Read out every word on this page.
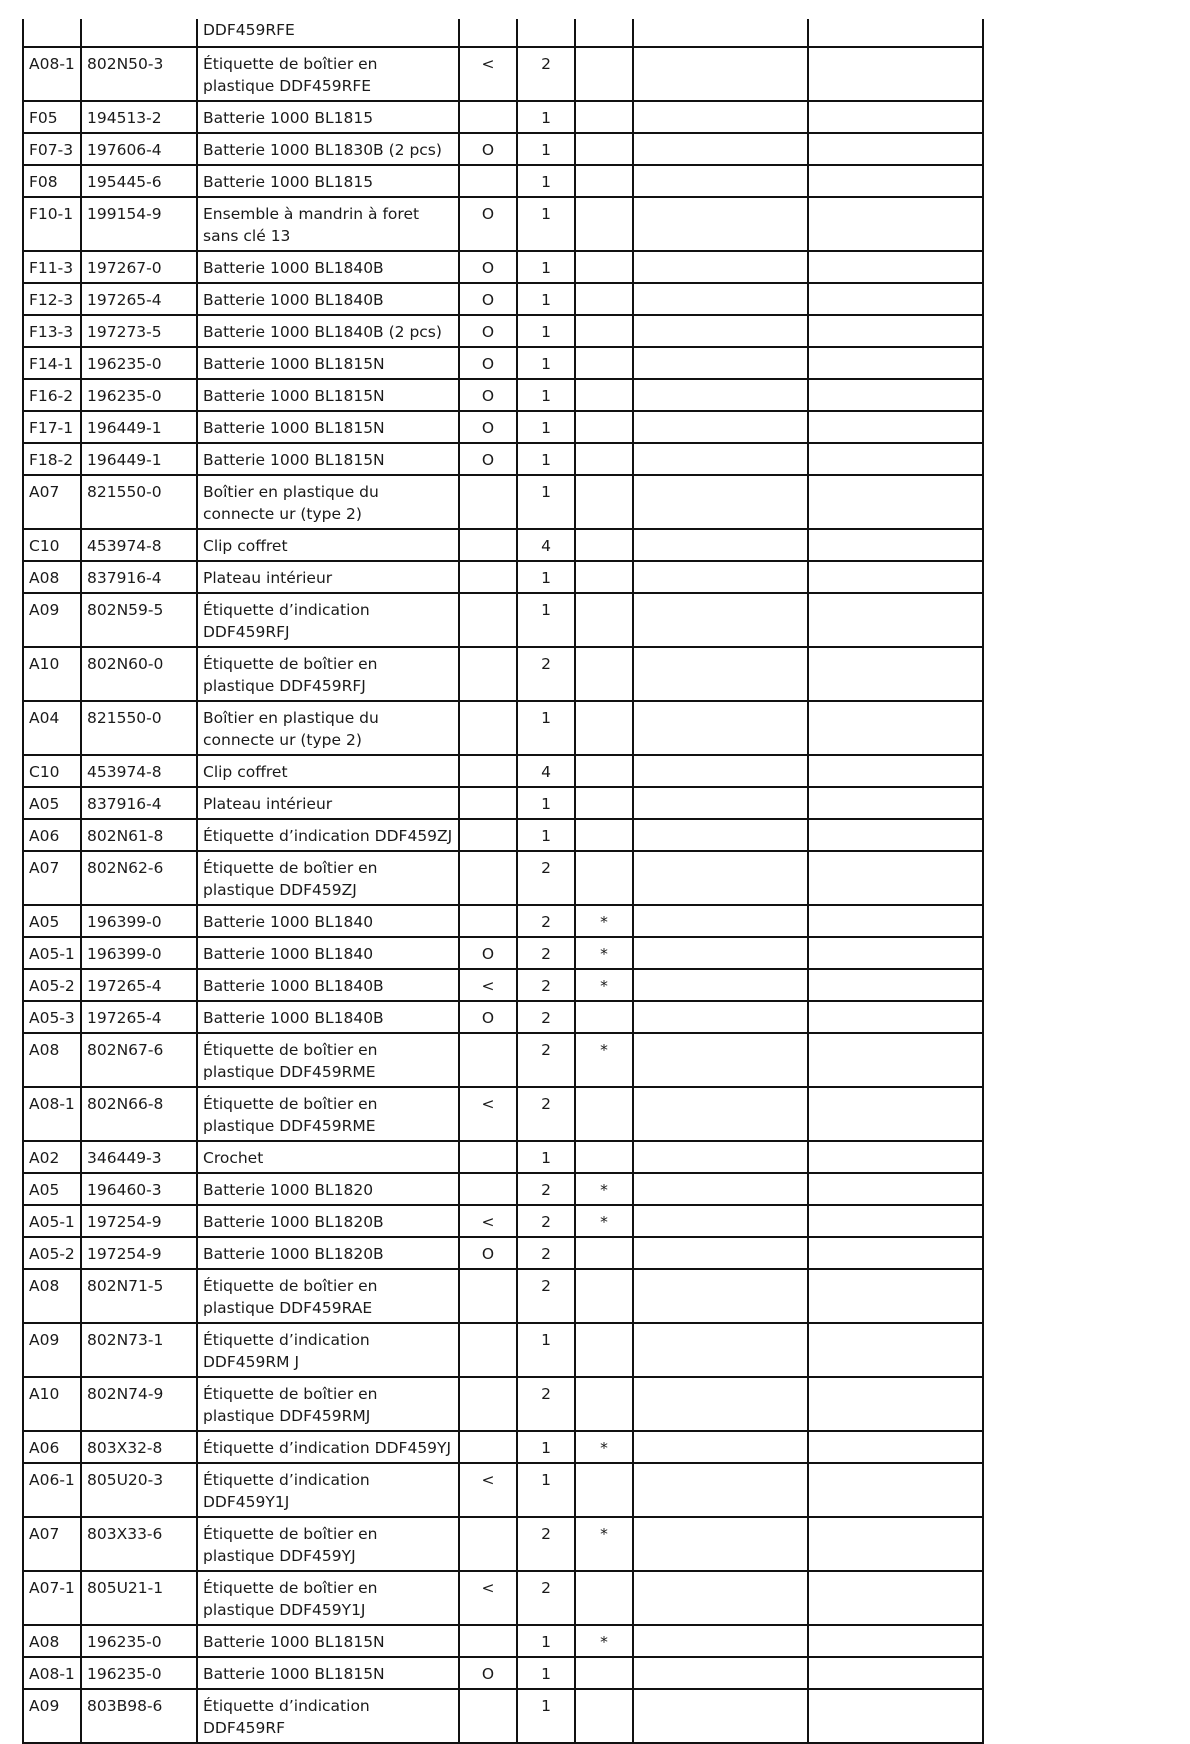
		DDF459RFE					
A08-1	802N50-3	Étiquette de boîtier en plastique DDF459RFE	<	2			
F05	194513-2	Batterie 1000 BL1815		1			
F07-3	197606-4	Batterie 1000 BL1830B (2 pcs)	O	1			
F08	195445-6	Batterie 1000 BL1815		1			
F10-1	199154-9	Ensemble à mandrin à foret sans clé 13	O	1			
F11-3	197267-0	Batterie 1000 BL1840B	O	1			
F12-3	197265-4	Batterie 1000 BL1840B	O	1			
F13-3	197273-5	Batterie 1000 BL1840B (2 pcs)	O	1			
F14-1	196235-0	Batterie 1000 BL1815N	O	1			
F16-2	196235-0	Batterie 1000 BL1815N	O	1			
F17-1	196449-1	Batterie 1000 BL1815N	O	1			
F18-2	196449-1	Batterie 1000 BL1815N	O	1			
A07	821550-0	Boîtier en plastique du connecte ur (type 2)		1			
C10	453974-8	Clip coffret		4			
A08	837916-4	Plateau intérieur		1			
A09	802N59-5	Étiquette d’indication DDF459RFJ		1			
A10	802N60-0	Étiquette de boîtier en plastique DDF459RFJ		2			
A04	821550-0	Boîtier en plastique du connecte ur (type 2)		1			
C10	453974-8	Clip coffret		4			
A05	837916-4	Plateau intérieur		1			
A06	802N61-8	Étiquette d’indication DDF459ZJ		1			
A07	802N62-6	Étiquette de boîtier en plastique DDF459ZJ		2			
A05	196399-0	Batterie 1000 BL1840		2	*		
A05-1	196399-0	Batterie 1000 BL1840	O	2	*		
A05-2	197265-4	Batterie 1000 BL1840B	<	2	*		
A05-3	197265-4	Batterie 1000 BL1840B	O	2			
A08	802N67-6	Étiquette de boîtier en plastique DDF459RME		2	*		
A08-1	802N66-8	Étiquette de boîtier en plastique DDF459RME	<	2			
A02	346449-3	Crochet		1			
A05	196460-3	Batterie 1000 BL1820		2	*		
A05-1	197254-9	Batterie 1000 BL1820B	<	2	*		
A05-2	197254-9	Batterie 1000 BL1820B	O	2			
A08	802N71-5	Étiquette de boîtier en plastique DDF459RAE		2			
A09	802N73-1	Étiquette d’indication DDF459RM J		1			
A10	802N74-9	Étiquette de boîtier en plastique DDF459RMJ		2			
A06	803X32-8	Étiquette d’indication DDF459YJ		1	*		
A06-1	805U20-3	Étiquette d’indication DDF459Y1J	<	1			
A07	803X33-6	Étiquette de boîtier en plastique DDF459YJ		2	*		
A07-1	805U21-1	Étiquette de boîtier en plastique DDF459Y1J	<	2			
A08	196235-0	Batterie 1000 BL1815N		1	*		
A08-1	196235-0	Batterie 1000 BL1815N	O	1			
A09	803B98-6	Étiquette d’indication DDF459RF		1			
